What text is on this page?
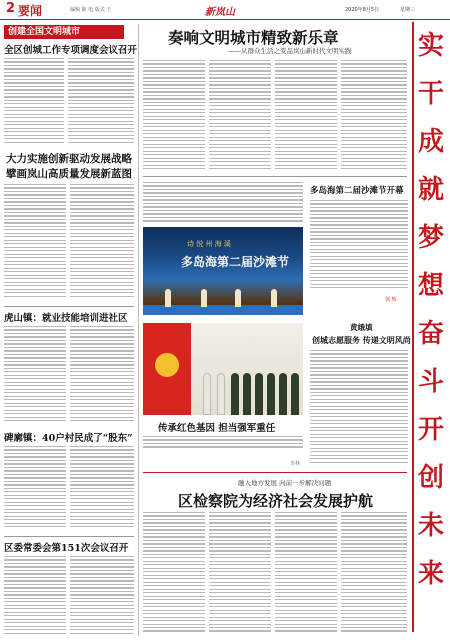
2 要闻	编辑 陈 电 版式 王	新岚山	2020年8月5日	星期三
创建全国文明城市
全区创城工作专项调度会议召开
大力实施创新驱动发展战略
擘画岚山高质量发展新蓝图
虎山镇：就业技能培训进社区
碑廓镇：40户村民成了“股东”
区委常委会第151次会议召开
奏响文明城市精致新乐章
——从群众生活之变品岚山新时代文明实践
诗 悦 州 海 溪
多岛海第二届沙滩节
多岛海第二届沙滩节开幕
郭 辉
传承红色基因 担当强军重任
李林
黄娥填
创城志愿服务 传递文明风尚
融入地方发展 向前一步解决问题
区检察院为经济社会发展护航
实
干
成
就
梦
想
奋
斗
开
创
未
来
